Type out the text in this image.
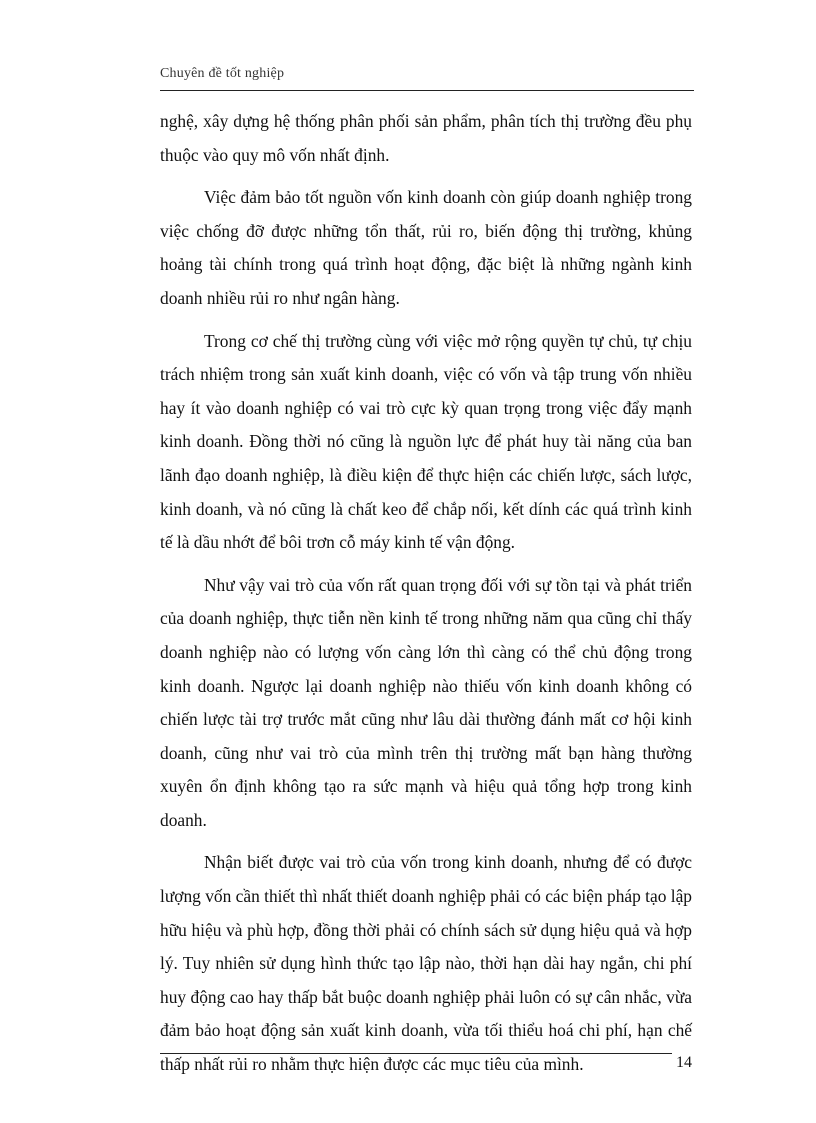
Chuyên đề tốt nghiệp

nghệ, xây dựng hệ thống phân phối sản phẩm, phân tích thị trường đều phụ thuộc vào quy mô vốn nhất định.

Việc đảm bảo tốt nguồn vốn kinh doanh còn giúp doanh nghiệp trong việc chống đỡ được những tổn thất, rủi ro, biến động thị trường, khủng hoảng tài chính trong quá trình hoạt động, đặc biệt là những ngành kinh doanh nhiều rủi ro như ngân hàng.

Trong cơ chế thị trường cùng với việc mở rộng quyền tự chủ, tự chịu trách nhiệm trong sản xuất kinh doanh, việc có vốn và tập trung vốn nhiều hay ít vào doanh nghiệp có vai trò cực kỳ quan trọng trong việc đẩy mạnh kinh doanh. Đồng thời nó cũng là nguồn lực để phát huy tài năng của ban lãnh đạo doanh nghiệp, là điều kiện để thực hiện các chiến lược, sách lược, kinh doanh, và nó cũng là chất keo để chắp nối, kết dính các quá trình kinh tế là dầu nhớt để bôi trơn cỗ máy kinh tế vận động.

Như vậy vai trò của vốn rất quan trọng đối với sự tồn tại và phát triển của doanh nghiệp, thực tiễn nền kinh tế trong những năm qua cũng chỉ thấy doanh nghiệp nào có lượng vốn càng lớn thì càng có thể chủ động trong kinh doanh. Ngược lại doanh nghiệp nào thiếu vốn kinh doanh không có chiến lược tài trợ trước mắt cũng như lâu dài thường đánh mất cơ hội kinh doanh, cũng như vai trò của mình trên thị trường mất bạn hàng thường xuyên ổn định không tạo ra sức mạnh và hiệu quả tổng hợp trong kinh doanh.

Nhận biết được vai trò của vốn trong kinh doanh, nhưng để có được lượng vốn cần thiết thì nhất thiết doanh nghiệp phải có các biện pháp tạo lập hữu hiệu và phù hợp, đồng thời phải có chính sách sử dụng hiệu quả và hợp lý. Tuy nhiên sử dụng hình thức tạo lập nào, thời hạn dài hay ngắn, chi phí huy động cao hay thấp bắt buộc doanh nghiệp phải luôn có sự cân nhắc, vừa đảm bảo hoạt động sản xuất kinh doanh, vừa tối thiểu hoá chi phí, hạn chế thấp nhất rủi ro nhằm thực hiện được các mục tiêu của mình.	14
